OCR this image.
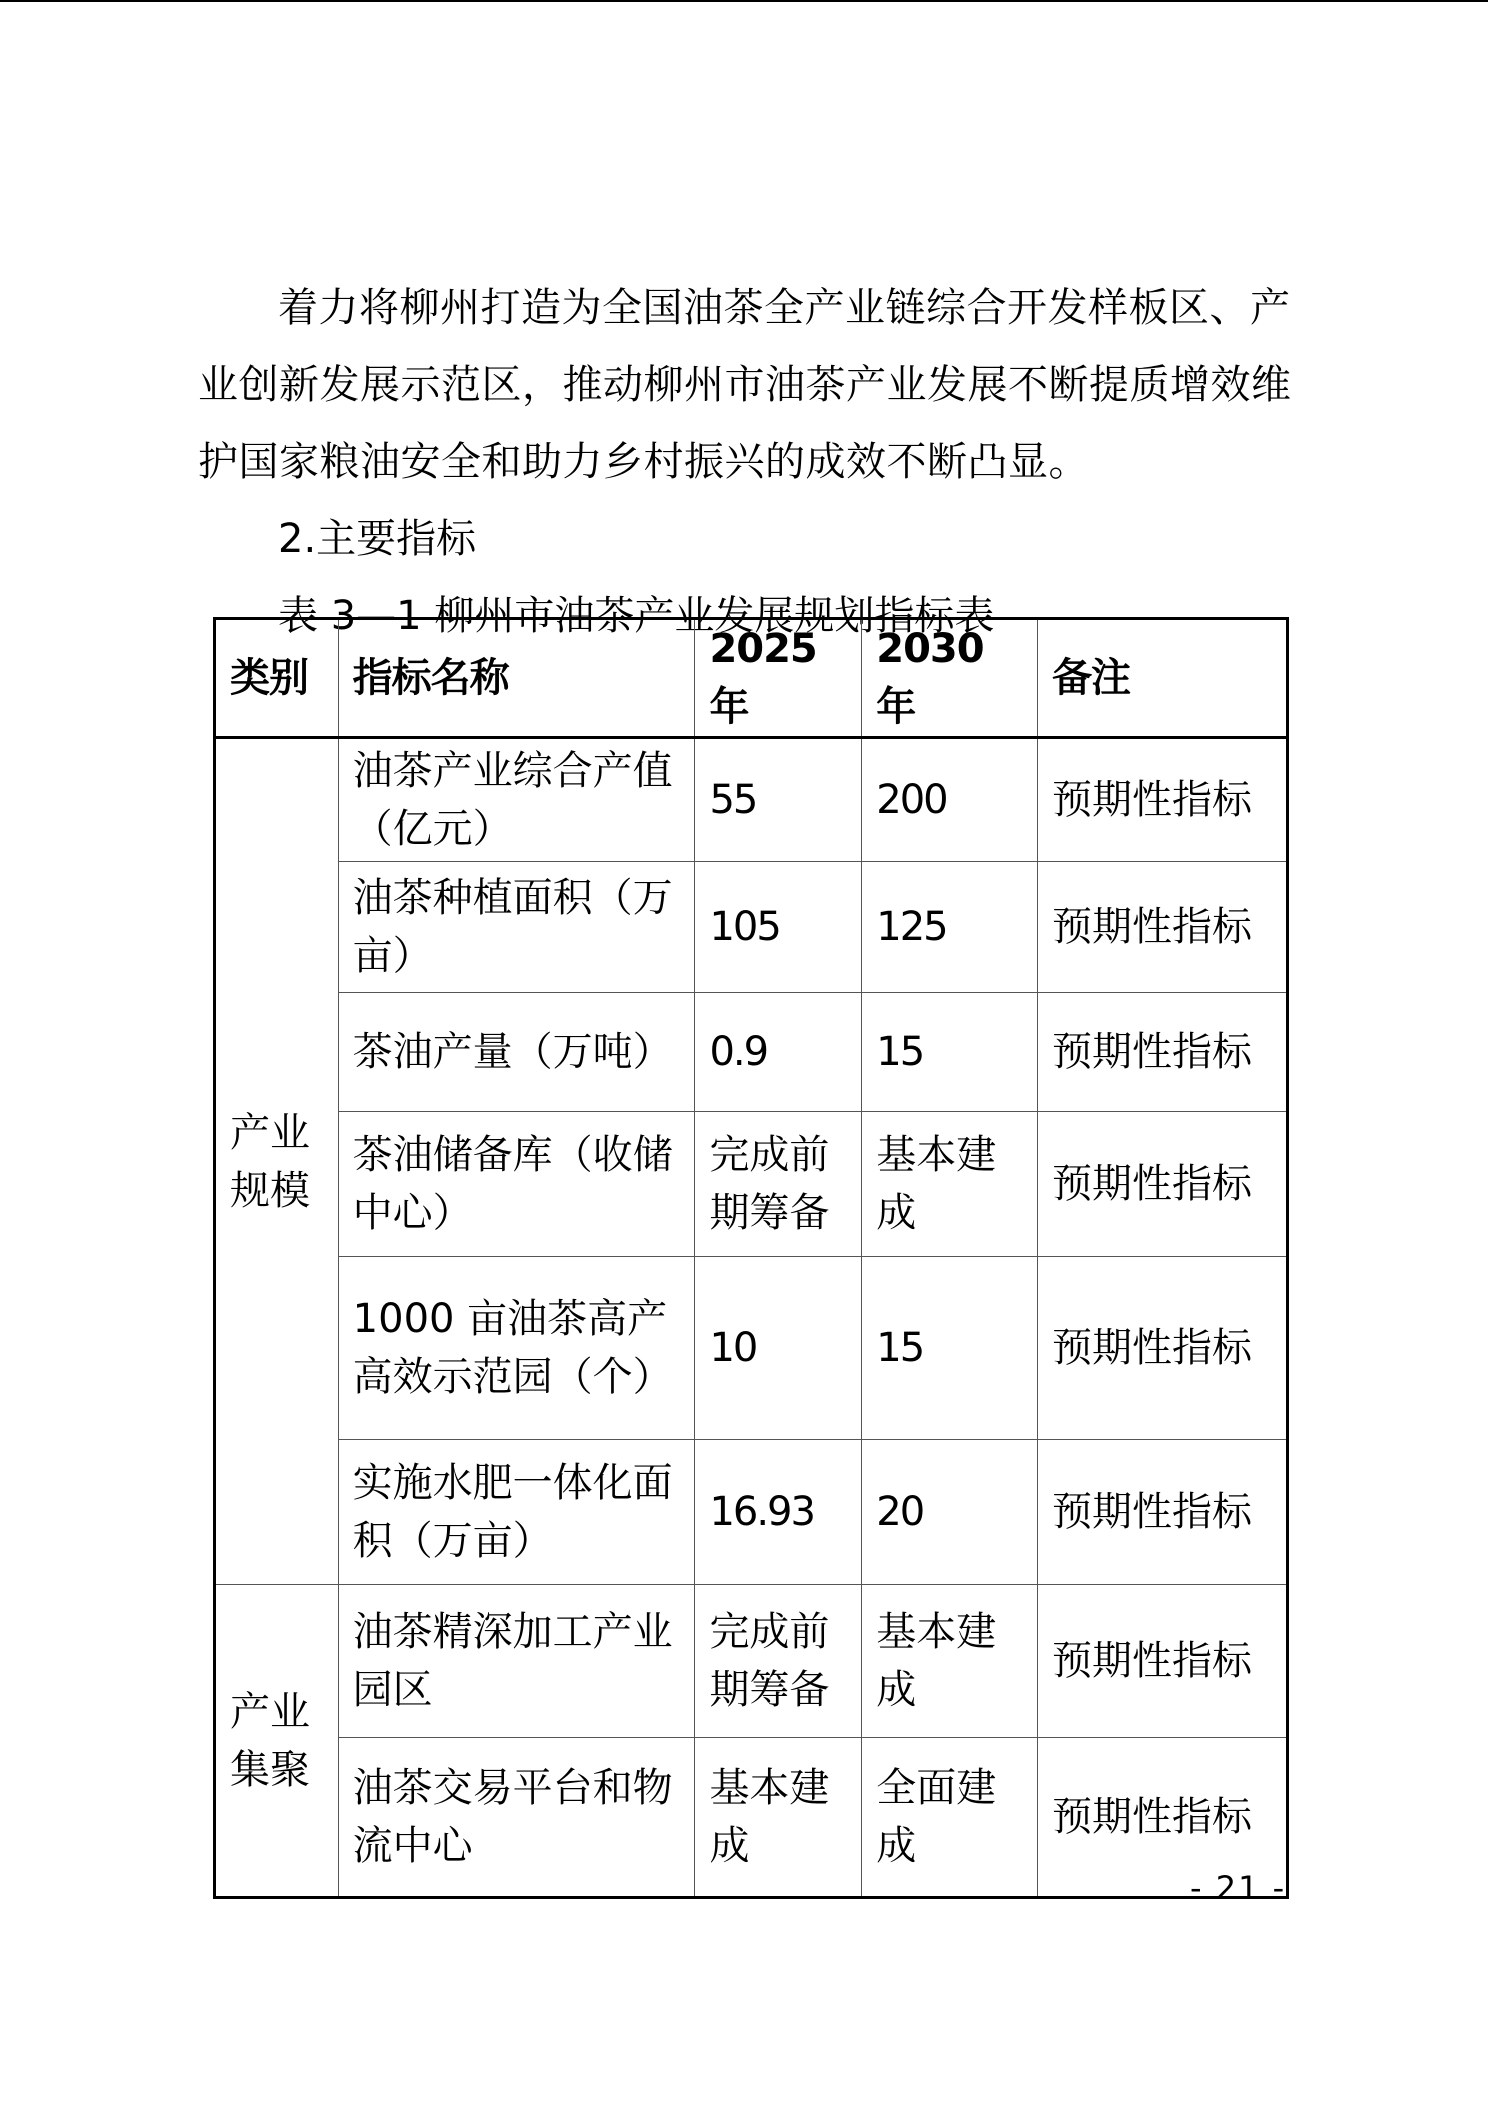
着力将柳州打造为全国油茶全产业链综合开发样板区、产业创新发展示范区，推动柳州市油茶产业发展不断提质增效维护国家粮油安全和助力乡村振兴的成效不断凸显。

2.主要指标

表 3—1 柳州市油茶产业发展规划指标表

类别	指标名称	2025 年	2030 年	备注
产业规模	油茶产业综合产值（亿元）	55	200	预期性指标
	油茶种植面积（万亩）	105	125	预期性指标
	茶油产量（万吨）	0.9	15	预期性指标
	茶油储备库（收储中心）	完成前期筹备	基本建成	预期性指标
	1000 亩油茶高产高效示范园（个）	10	15	预期性指标
	实施水肥一体化面积（万亩）	16.93	20	预期性指标
产业集聚	油茶精深加工产业园区	完成前期筹备	基本建成	预期性指标
	油茶交易平台和物流中心	基本建成	全面建成	预期性指标
- 21 -
